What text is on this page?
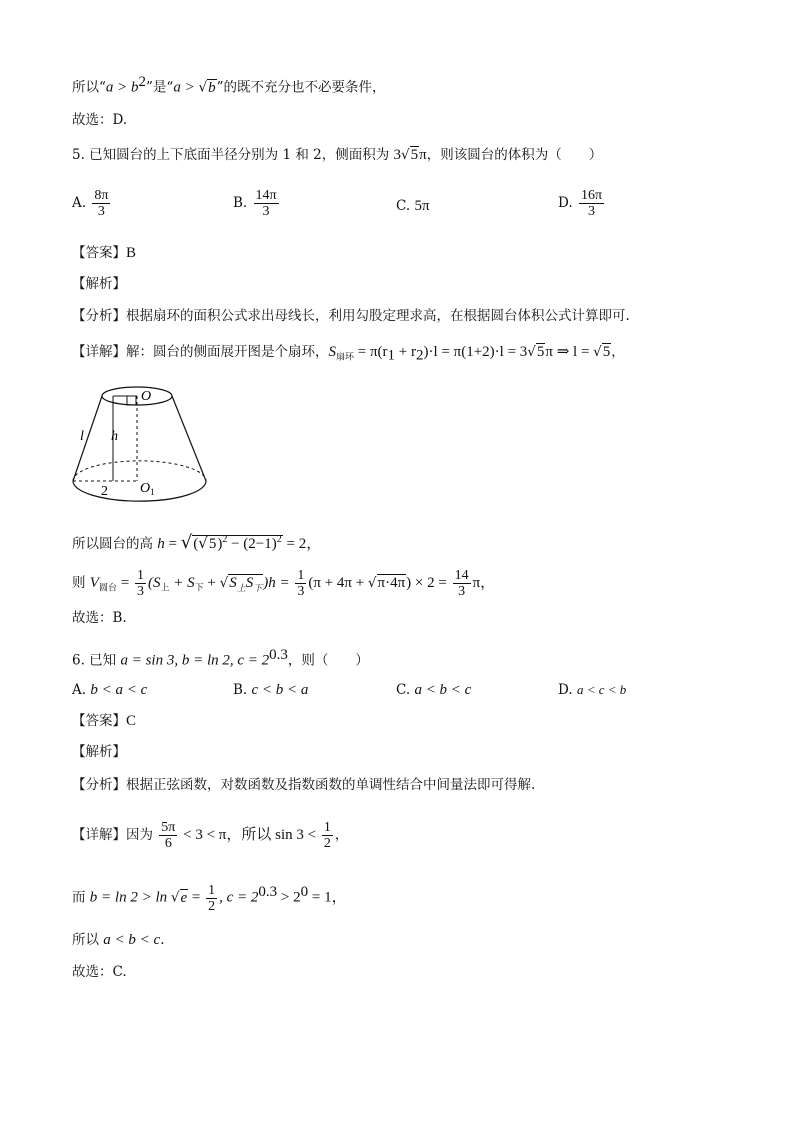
所以“$a > b^2$”是“a > √b”的既不充分也不必要条件，
故选：D.
5. 已知圆台的上下底面半径分别为 1 和 2，侧面积为 3√5π，则该圆台的体积为（　　）
A. $\frac{8\pi}{3}$	B. $\frac{14\pi}{3}$	C. 5π	D. $\frac{16\pi}{3}$
【答案】B
【解析】
【分析】根据扇环的面积公式求出母线长，利用勾股定理求高，在根据圆台体积公式计算即可.
【详解】解：圆台的侧面展开图是个扇环，$S_{扇环} = \pi(r_1 + r_2)\cdot l = \pi(1+2)\cdot l = 3√5\pi$ ⇒ l = √5，
O
h
l
2 $O_1$
所以圆台的高 $h = √(√5)^2 - (2-1)^2 = 2$，
则 $V_{圆台} = \frac{1}{3} (S_上 + S_下 + √S_上S_下)h = \frac{1}{3} (\pi + 4\pi + √\pi\cdot 4\pi) \times 2 = \frac{14}{3}$ π，
故选：B.
6. 已知 a = sin 3, b = ln 2, $c = 2^{0.3}$，则（　　）
A. b < a < c	B. c < b < a	C. a < b < c	D. a < c < b
【答案】C
【解析】
【分析】根据正弦函数，对数函数及指数函数的单调性结合中间量法即可得解.
【详解】因为 $\frac{5\pi}{6} < 3 < \pi$，所以 $\sin 3 < \frac{1}{2}$ ，
而 $b = \ln 2 > \ln √e = \frac{1}{2}$ , $c = 2^{0.3} > 2^0 = 1$，
所以 a < b < c.
故选：C.
